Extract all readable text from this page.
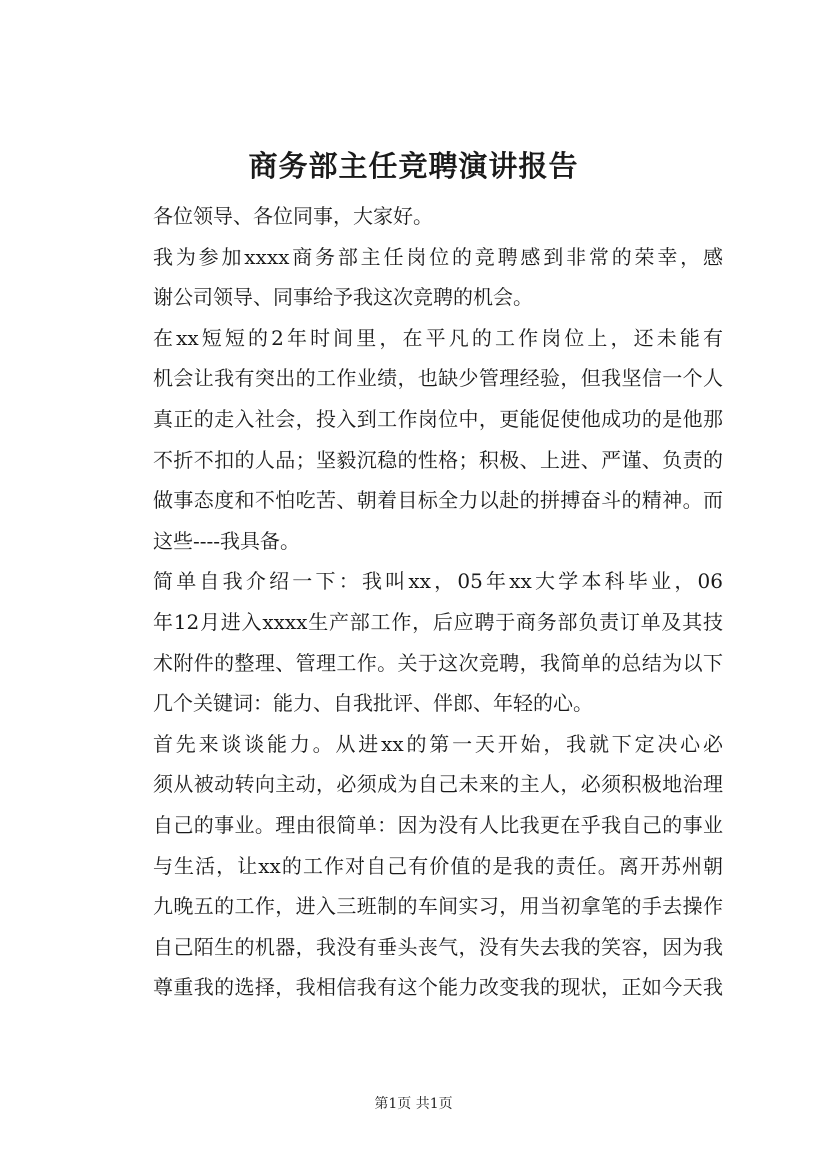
商务部主任竞聘演讲报告
各位领导、各位同事，大家好。
我为参加xxxx商务部主任岗位的竞聘感到非常的荣幸，感
谢公司领导、同事给予我这次竞聘的机会。
在xx短短的2年时间里，在平凡的工作岗位上，还未能有
机会让我有突出的工作业绩，也缺少管理经验，但我坚信一个人
真正的走入社会，投入到工作岗位中，更能促使他成功的是他那
不折不扣的人品；坚毅沉稳的性格；积极、上进、严谨、负责的
做事态度和不怕吃苦、朝着目标全力以赴的拼搏奋斗的精神。而
这些----我具备。
简单自我介绍一下：我叫xx，05年xx大学本科毕业，06
年12月进入xxxx生产部工作，后应聘于商务部负责订单及其技
术附件的整理、管理工作。关于这次竞聘，我简单的总结为以下
几个关键词：能力、自我批评、伴郎、年轻的心。
首先来谈谈能力。从进xx的第一天开始，我就下定决心必
须从被动转向主动，必须成为自己未来的主人，必须积极地治理
自己的事业。理由很简单：因为没有人比我更在乎我自己的事业
与生活，让xx的工作对自己有价值的是我的责任。离开苏州朝
九晚五的工作，进入三班制的车间实习，用当初拿笔的手去操作
自己陌生的机器，我没有垂头丧气，没有失去我的笑容，因为我
尊重我的选择，我相信我有这个能力改变我的现状，正如今天我
第1页 共1页
